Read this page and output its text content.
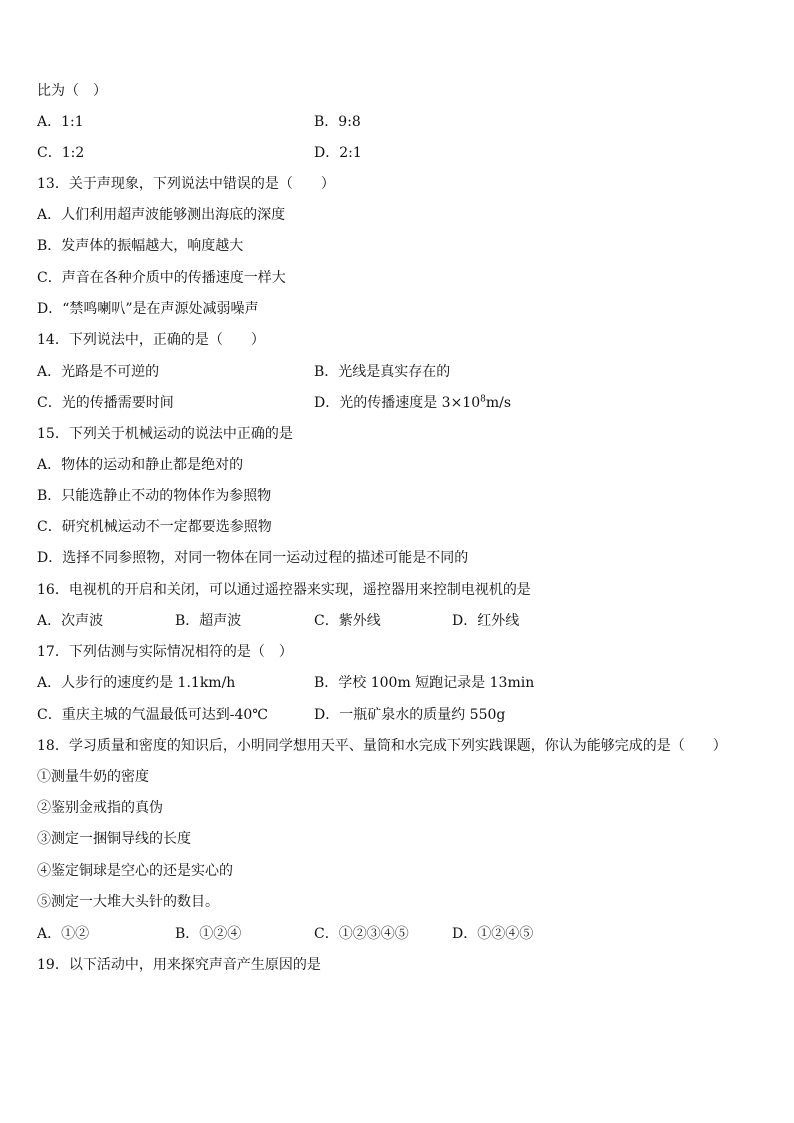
比为（　）
A．1:1	B．9:8
C．1:2	D．2:1
13．关于声现象，下列说法中错误的是（　　）
A．人们利用超声波能够测出海底的深度
B．发声体的振幅越大，响度越大
C．声音在各种介质中的传播速度一样大
D．“禁鸣喇叭”是在声源处减弱噪声
14．下列说法中，正确的是（　　）
A．光路是不可逆的	B．光线是真实存在的
C．光的传播需要时间	D．光的传播速度是 $3\times 10^8m/s$
15．下列关于机械运动的说法中正确的是
A．物体的运动和静止都是绝对的
B．只能选静止不动的物体作为参照物
C．研究机械运动不一定都要选参照物
D．选择不同参照物，对同一物体在同一运动过程的描述可能是不同的
16．电视机的开启和关闭，可以通过遥控器来实现，遥控器用来控制电视机的是
A．次声波	B．超声波	C．紫外线	D．红外线
17．下列估测与实际情况相符的是（　）
A．人步行的速度约是 1.1km/h	B．学校 100m 短跑记录是 13min
C．重庆主城的气温最低可达到-40℃	D．一瓶矿泉水的质量约 550g
18．学习质量和密度的知识后，小明同学想用天平、量筒和水完成下列实践课题，你认为能够完成的是（　　）
①测量牛奶的密度
②鉴别金戒指的真伪
③测定一捆铜导线的长度
④鉴定铜球是空心的还是实心的
⑤测定一大堆大头针的数目。
A．①②	B．①②④	C．①②③④⑤	D．①②④⑤
19．以下活动中，用来探究声音产生原因的是
